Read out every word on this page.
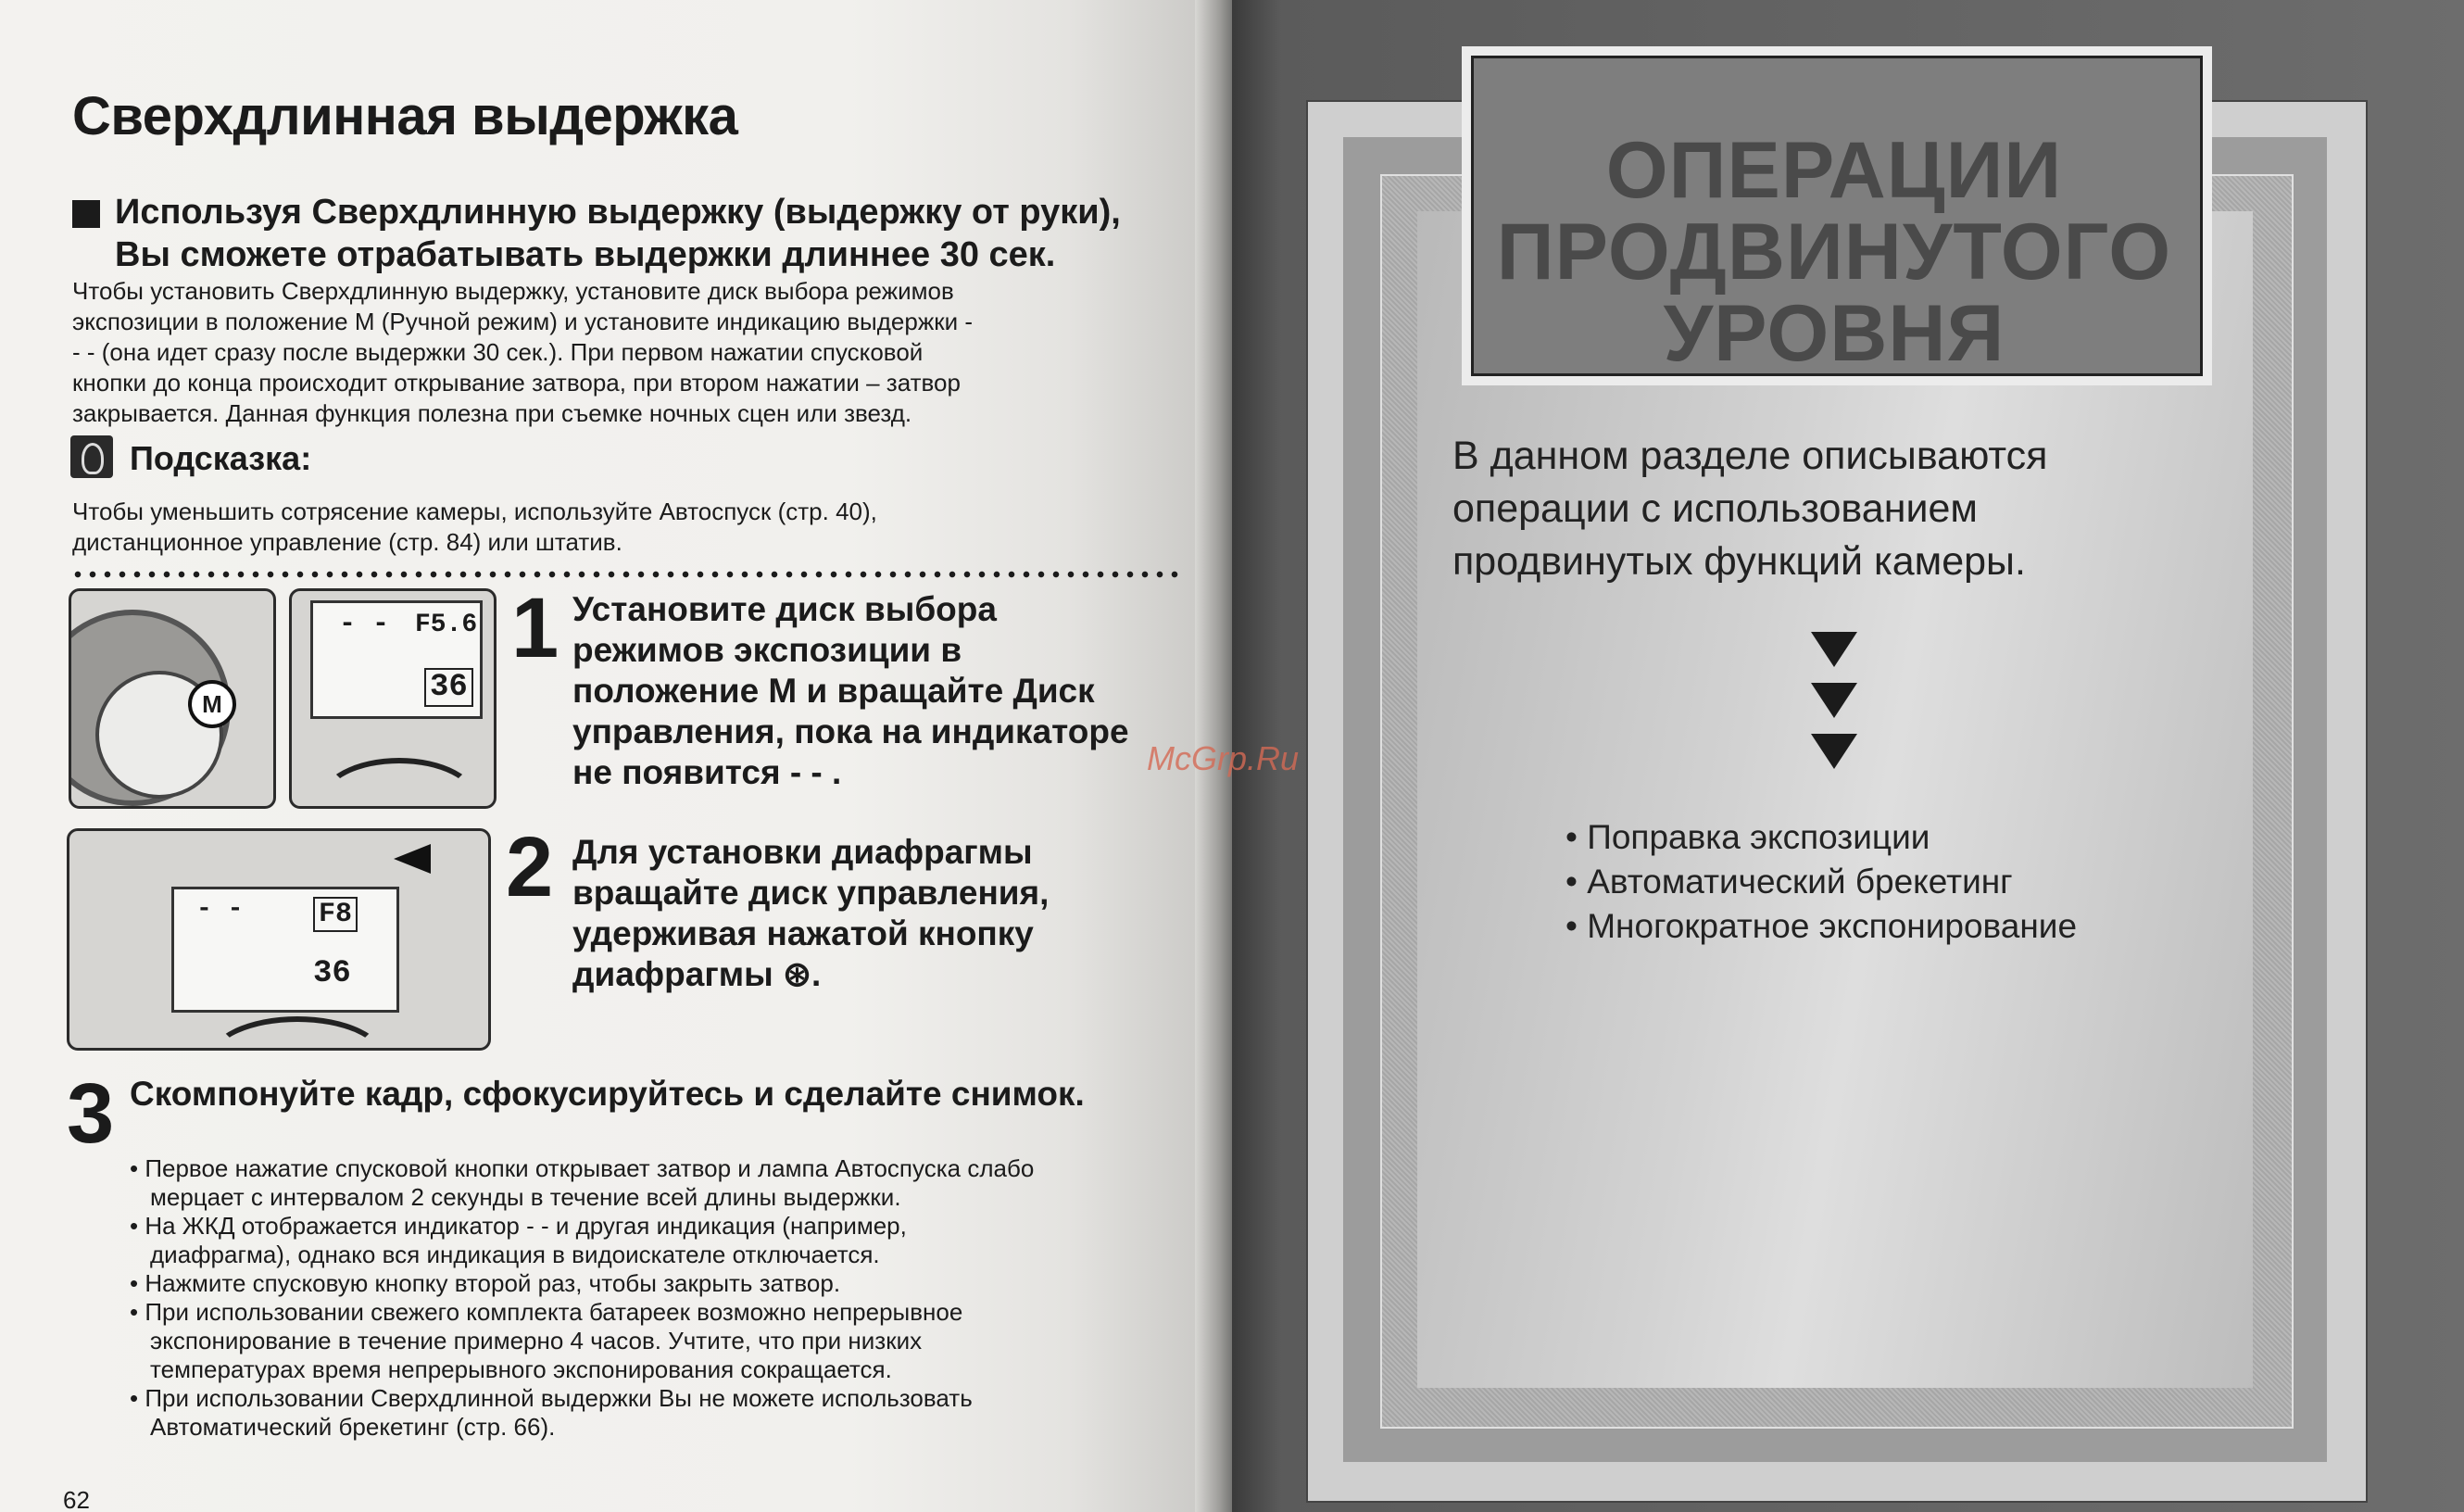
Сверхдлинная выдержка
Используя Сверхдлинную выдержку (выдержку от руки),
Вы сможете отрабатывать выдержки длиннее 30 сек.
Чтобы установить Сверхдлинную выдержку, установите диск выбора режимов
экспозиции в положение M (Ручной режим) и установите индикацию выдержки -
- - (она идет сразу после выдержки 30 сек.). При первом нажатии спусковой
кнопки до конца происходит открывание затвора, при втором нажатии – затвор
закрывается. Данная функция полезна при съемке ночных сцен или звезд.
Подсказка:
Чтобы уменьшить сотрясение камеры, используйте Автоспуск (стр. 40),
дистанционное управление (стр. 84) или штатив.
M
- - F5.6
36
1 Установите диск выбора
режимов экспозиции в
положение M и вращайте Диск
управления, пока на индикаторе
не появится - - .
- -	F8
36
2 Для установки диафрагмы
вращайте диск управления,
удерживая нажатой кнопку
диафрагмы ⊛.
3 Скомпонуйте кадр, сфокусируйтесь и сделайте снимок.
• Первое нажатие спусковой кнопки открывает затвор и лампа Автоспуска слабо
мерцает с интервалом 2 секунды в течение всей длины выдержки.
• На ЖКД отображается индикатор - - и другая индикация (например,
диафрагма), однако вся индикация в видоискателе отключается.
• Нажмите спусковую кнопку второй раз, чтобы закрыть затвор.
• При использовании свежего комплекта батареек возможно непрерывное
экспонирование в течение примерно 4 часов. Учтите, что при низких
температурах время непрерывного экспонирования сокращается.
• При использовании Сверхдлинной выдержки Вы не можете использовать
Автоматический брекетинг (стр. 66).
62
ОПЕРАЦИИ
ПРОДВИНУТОГО
УРОВНЯ
В данном разделе описываются
операции с использованием
продвинутых функций камеры.
• Поправка экспозиции
• Автоматический брекетинг
• Многократное экспонирование
McGrp.Ru
